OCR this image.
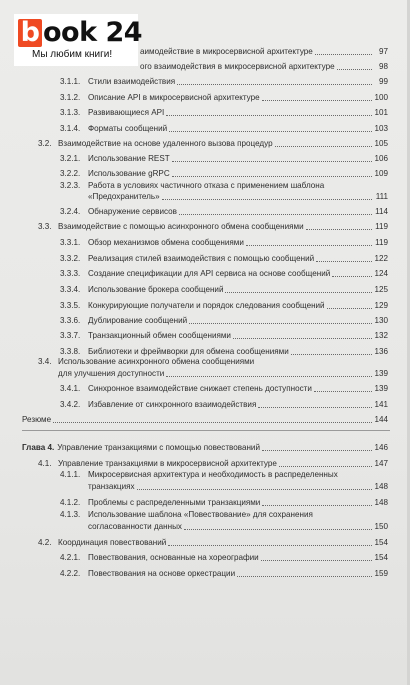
b ook 24
Мы любим книги!	аимодействие в микросервисной архитектуре	97
ого взаимодействия в микросервисной архитектуре	98
3.1.1. Стили взаимодействия	99
3.1.2. Описание API в микросервисной архитектуре	100
3.1.3. Развивающиеся API	101
3.1.4. Форматы сообщений	103
3.2. Взаимодействие на основе удаленного вызова процедур	105
3.2.1. Использование REST	106
3.2.2. Использование gRPC	109
3.2.3. Работа в условиях частичного отказа с применением шаблона
«Предохранитель»	111
3.2.4. Обнаружение сервисов	114
3.3. Взаимодействие с помощью асинхронного обмена сообщениями	119
3.3.1. Обзор механизмов обмена сообщениями	119
3.3.2. Реализация стилей взаимодействия с помощью сообщений	122
3.3.3. Создание спецификации для API сервиса на основе сообщений	124
3.3.4. Использование брокера сообщений	125
3.3.5. Конкурирующие получатели и порядок следования сообщений	129
3.3.6. Дублирование сообщений	130
3.3.7. Транзакционный обмен сообщениями	132
3.3.8. Библиотеки и фреймворки для обмена сообщениями	136
3.4. Использование асинхронного обмена сообщениями
для улучшения доступности	139
3.4.1. Синхронное взаимодействие снижает степень доступности	139
3.4.2. Избавление от синхронного взаимодействия	141
Резюме	144
Глава 4. Управление транзакциями с помощью повествований	146
4.1. Управление транзакциями в микросервисной архитектуре	147
4.1.1. Микросервисная архитектура и необходимость в распределенных
транзакциях	148
4.1.2. Проблемы с распределенными транзакциями	148
4.1.3. Использование шаблона «Повествование» для сохранения
согласованности данных	150
4.2. Координация повествований	154
4.2.1. Повествования, основанные на хореографии	154
4.2.2. Повествования на основе оркестрации	159
